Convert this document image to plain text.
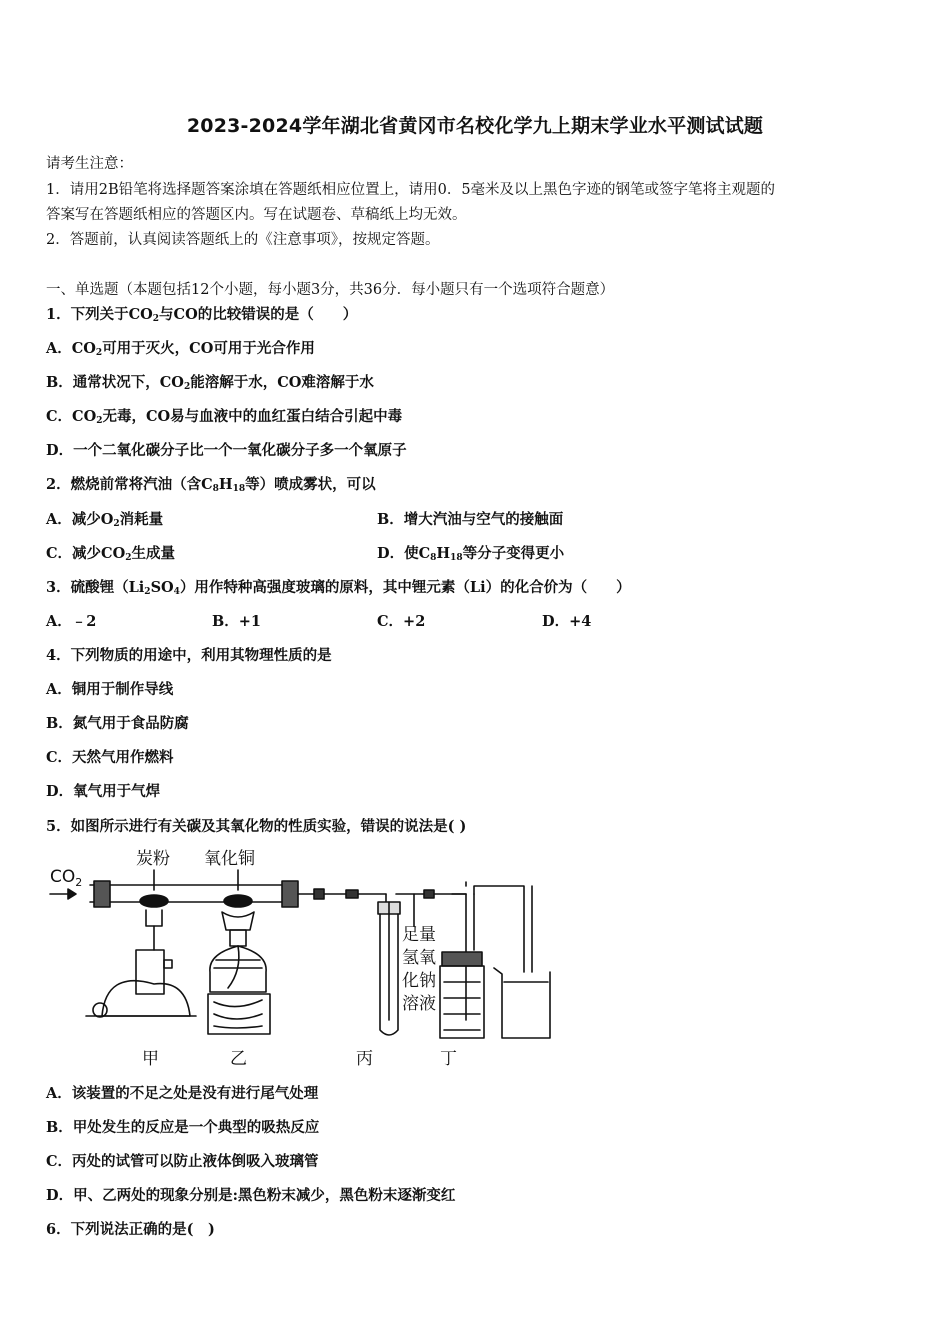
2023-2024学年湖北省黄冈市名校化学九上期末学业水平测试试题
请考生注意：
1．请用2B铅笔将选择题答案涂填在答题纸相应位置上，请用0．5毫米及以上黑色字迹的钢笔或签字笔将主观题的
答案写在答题纸相应的答题区内。写在试题卷、草稿纸上均无效。
2．答题前，认真阅读答题纸上的《注意事项》，按规定答题。
一、单选题（本题包括12个小题，每小题3分，共36分．每小题只有一个选项符合题意）
1．下列关于$CO_2$与CO的比较错误的是（　　）
A．$CO_2$可用于灭火，CO可用于光合作用
B．通常状况下，$CO_2$能溶解于水，CO难溶解于水
C．$CO_2$无毒，CO易与血液中的血红蛋白结合引起中毒
D．一个二氧化碳分子比一个一氧化碳分子多一个氧原子
2．燃烧前常将汽油（含$C_8H_{18}$等）喷成雾状，可以
A．减少$O_2$消耗量	B．增大汽油与空气的接触面
C．减少$CO_2$生成量	D．使$C_8H_{18}$等分子变得更小
3．硫酸锂$(Li_2SO_4)$用作特种高强度玻璃的原料，其中锂元素（Li）的化合价为（　　）
A．﹣2	B．+1	C．+2	D．+4
4．下列物质的用途中，利用其物理性质的是
A．铜用于制作导线
B．氮气用于食品防腐
C．天然气用作燃料
D．氧气用于气焊
5．如图所示进行有关碳及其氧化物的性质实验，错误的说法是( )
$CO_2$
炭粉 氧化铜
足量
氢氧
化钠
溶液
甲	乙	丙	丁
A．该装置的不足之处是没有进行尾气处理
B．甲处发生的反应是一个典型的吸热反应
C．丙处的试管可以防止液体倒吸入玻璃管
D．甲、乙两处的现象分别是:黑色粉末减少，黑色粉末逐渐变红
6．下列说法正确的是(　)
